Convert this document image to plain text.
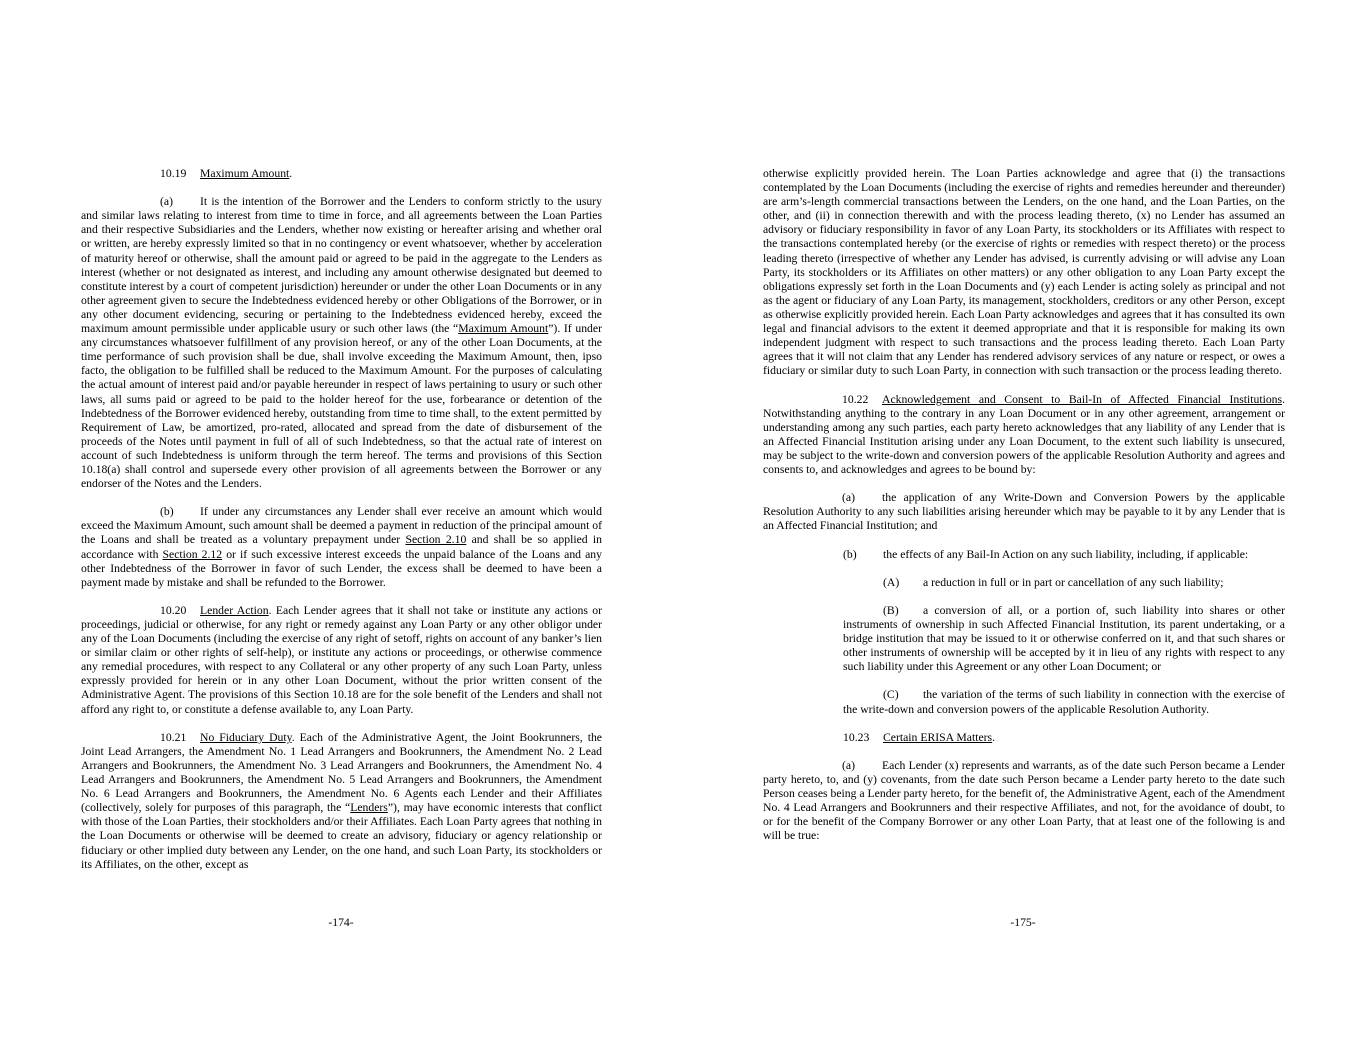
10.19 Maximum Amount.

(a) It is the intention of the Borrower and the Lenders to conform strictly to the usury and similar laws relating to interest from time to time in force, and all agreements between the Loan Parties and their respective Subsidiaries and the Lenders, whether now existing or hereafter arising and whether oral or written, are hereby expressly limited so that in no contingency or event whatsoever, whether by acceleration of maturity hereof or otherwise, shall the amount paid or agreed to be paid in the aggregate to the Lenders as interest (whether or not designated as interest, and including any amount otherwise designated but deemed to constitute interest by a court of competent jurisdiction) hereunder or under the other Loan Documents or in any other agreement given to secure the Indebtedness evidenced hereby or other Obligations of the Borrower, or in any other document evidencing, securing or pertaining to the Indebtedness evidenced hereby, exceed the maximum amount permissible under applicable usury or such other laws (the “Maximum Amount”). If under any circumstances whatsoever fulfillment of any provision hereof, or any of the other Loan Documents, at the time performance of such provision shall be due, shall involve exceeding the Maximum Amount, then, ipso facto, the obligation to be fulfilled shall be reduced to the Maximum Amount. For the purposes of calculating the actual amount of interest paid and/or payable hereunder in respect of laws pertaining to usury or such other laws, all sums paid or agreed to be paid to the holder hereof for the use, forbearance or detention of the Indebtedness of the Borrower evidenced hereby, outstanding from time to time shall, to the extent permitted by Requirement of Law, be amortized, pro-rated, allocated and spread from the date of disbursement of the proceeds of the Notes until payment in full of all of such Indebtedness, so that the actual rate of interest on account of such Indebtedness is uniform through the term hereof. The terms and provisions of this Section 10.18(a) shall control and supersede every other provision of all agreements between the Borrower or any endorser of the Notes and the Lenders.

(b) If under any circumstances any Lender shall ever receive an amount which would exceed the Maximum Amount, such amount shall be deemed a payment in reduction of the principal amount of the Loans and shall be treated as a voluntary prepayment under Section 2.10 and shall be so applied in accordance with Section 2.12 or if such excessive interest exceeds the unpaid balance of the Loans and any other Indebtedness of the Borrower in favor of such Lender, the excess shall be deemed to have been a payment made by mistake and shall be refunded to the Borrower.

10.20 Lender Action. Each Lender agrees that it shall not take or institute any actions or proceedings, judicial or otherwise, for any right or remedy against any Loan Party or any other obligor under any of the Loan Documents (including the exercise of any right of setoff, rights on account of any banker’s lien or similar claim or other rights of self-help), or institute any actions or proceedings, or otherwise commence any remedial procedures, with respect to any Collateral or any other property of any such Loan Party, unless expressly provided for herein or in any other Loan Document, without the prior written consent of the Administrative Agent. The provisions of this Section 10.18 are for the sole benefit of the Lenders and shall not afford any right to, or constitute a defense available to, any Loan Party.

10.21 No Fiduciary Duty. Each of the Administrative Agent, the Joint Bookrunners, the Joint Lead Arrangers, the Amendment No. 1 Lead Arrangers and Bookrunners, the Amendment No. 2 Lead Arrangers and Bookrunners, the Amendment No. 3 Lead Arrangers and Bookrunners, the Amendment No. 4 Lead Arrangers and Bookrunners, the Amendment No. 5 Lead Arrangers and Bookrunners, the Amendment No. 6 Lead Arrangers and Bookrunners, the Amendment No. 6 Agents each Lender and their Affiliates (collectively, solely for purposes of this paragraph, the “Lenders”), may have economic interests that conflict with those of the Loan Parties, their stockholders and/or their Affiliates. Each Loan Party agrees that nothing in the Loan Documents or otherwise will be deemed to create an advisory, fiduciary or agency relationship or fiduciary or other implied duty between any Lender, on the one hand, and such Loan Party, its stockholders or its Affiliates, on the other, except as

-174-

otherwise explicitly provided herein. The Loan Parties acknowledge and agree that (i) the transactions contemplated by the Loan Documents (including the exercise of rights and remedies hereunder and thereunder) are arm’s-length commercial transactions between the Lenders, on the one hand, and the Loan Parties, on the other, and (ii) in connection therewith and with the process leading thereto, (x) no Lender has assumed an advisory or fiduciary responsibility in favor of any Loan Party, its stockholders or its Affiliates with respect to the transactions contemplated hereby (or the exercise of rights or remedies with respect thereto) or the process leading thereto (irrespective of whether any Lender has advised, is currently advising or will advise any Loan Party, its stockholders or its Affiliates on other matters) or any other obligation to any Loan Party except the obligations expressly set forth in the Loan Documents and (y) each Lender is acting solely as principal and not as the agent or fiduciary of any Loan Party, its management, stockholders, creditors or any other Person, except as otherwise explicitly provided herein. Each Loan Party acknowledges and agrees that it has consulted its own legal and financial advisors to the extent it deemed appropriate and that it is responsible for making its own independent judgment with respect to such transactions and the process leading thereto. Each Loan Party agrees that it will not claim that any Lender has rendered advisory services of any nature or respect, or owes a fiduciary or similar duty to such Loan Party, in connection with such transaction or the process leading thereto.

10.22 Acknowledgement and Consent to Bail-In of Affected Financial Institutions. Notwithstanding anything to the contrary in any Loan Document or in any other agreement, arrangement or understanding among any such parties, each party hereto acknowledges that any liability of any Lender that is an Affected Financial Institution arising under any Loan Document, to the extent such liability is unsecured, may be subject to the write-down and conversion powers of the applicable Resolution Authority and agrees and consents to, and acknowledges and agrees to be bound by:

(a) the application of any Write-Down and Conversion Powers by the applicable Resolution Authority to any such liabilities arising hereunder which may be payable to it by any Lender that is an Affected Financial Institution; and

(b) the effects of any Bail-In Action on any such liability, including, if applicable:

(A) a reduction in full or in part or cancellation of any such liability;

(B) a conversion of all, or a portion of, such liability into shares or other instruments of ownership in such Affected Financial Institution, its parent undertaking, or a bridge institution that may be issued to it or otherwise conferred on it, and that such shares or other instruments of ownership will be accepted by it in lieu of any rights with respect to any such liability under this Agreement or any other Loan Document; or

(C) the variation of the terms of such liability in connection with the exercise of the write-down and conversion powers of the applicable Resolution Authority.

10.23 Certain ERISA Matters.

(a) Each Lender (x) represents and warrants, as of the date such Person became a Lender party hereto, to, and (y) covenants, from the date such Person became a Lender party hereto to the date such Person ceases being a Lender party hereto, for the benefit of, the Administrative Agent, each of the Amendment No. 4 Lead Arrangers and Bookrunners and their respective Affiliates, and not, for the avoidance of doubt, to or for the benefit of the Company Borrower or any other Loan Party, that at least one of the following is and will be true:

-175-
